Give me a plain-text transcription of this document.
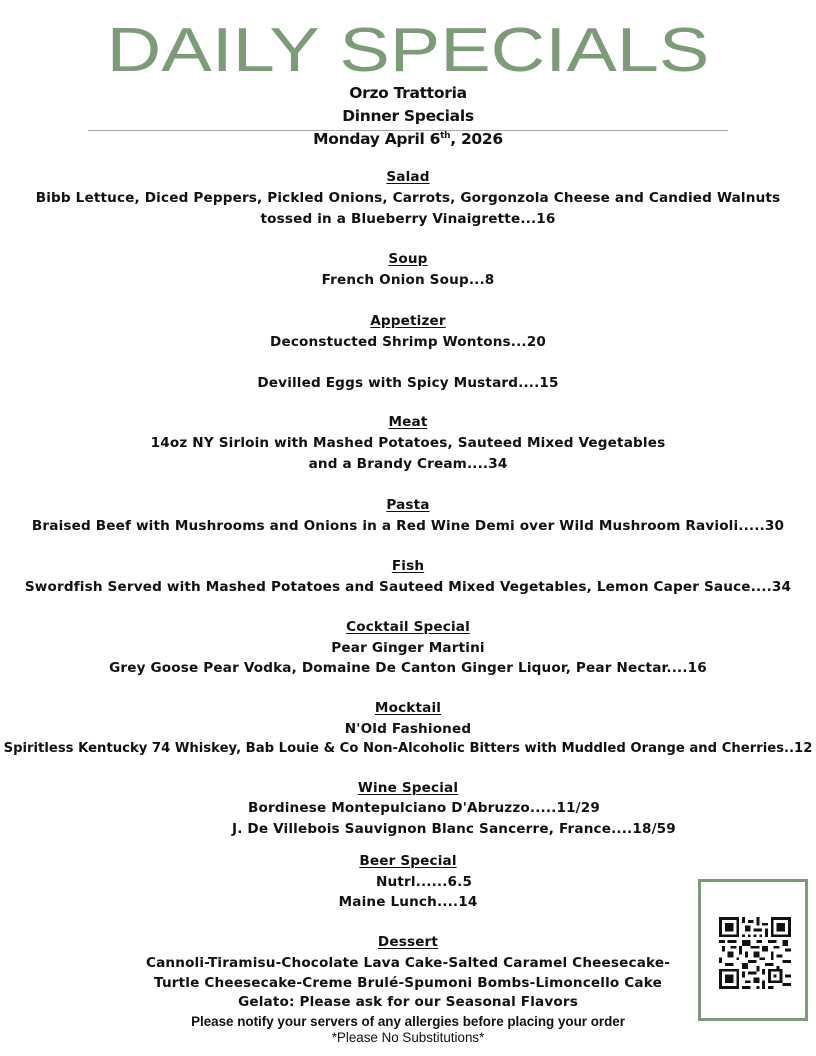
DAILY SPECIALS
Orzo Trattoria
Dinner Specials
Monday April 6th, 2026
Salad
Bibb Lettuce, Diced Peppers, Pickled Onions, Carrots, Gorgonzola Cheese and Candied Walnuts
tossed in a Blueberry Vinaigrette...16
Soup
French Onion Soup...8
Appetizer
Deconstucted Shrimp Wontons...20
Devilled Eggs with Spicy Mustard....15
Meat
14oz NY Sirloin with Mashed Potatoes, Sauteed Mixed Vegetables
and a Brandy Cream....34
Pasta
Braised Beef with Mushrooms and Onions in a Red Wine Demi over Wild Mushroom Ravioli.....30
Fish
Swordfish Served with Mashed Potatoes and Sauteed Mixed Vegetables, Lemon Caper Sauce....34
Cocktail Special
Pear Ginger Martini
Grey Goose Pear Vodka, Domaine De Canton Ginger Liquor, Pear Nectar....16
Mocktail
N'Old Fashioned
Spiritless Kentucky 74 Whiskey, Bab Louie & Co Non-Alcoholic Bitters with Muddled Orange and Cherries..12
Wine Special
Bordinese Montepulciano D'Abruzzo.....11/29
J. De Villebois Sauvignon Blanc Sancerre, France....18/59
Beer Special
Nutrl......6.5
Maine Lunch....14
Dessert
Cannoli-Tiramisu-Chocolate Lava Cake-Salted Caramel Cheesecake-
Turtle Cheesecake-Creme Brulé-Spumoni Bombs-Limoncello Cake
Gelato: Please ask for our Seasonal Flavors
Please notify your servers of any allergies before placing your order
*Please No Substitutions*
